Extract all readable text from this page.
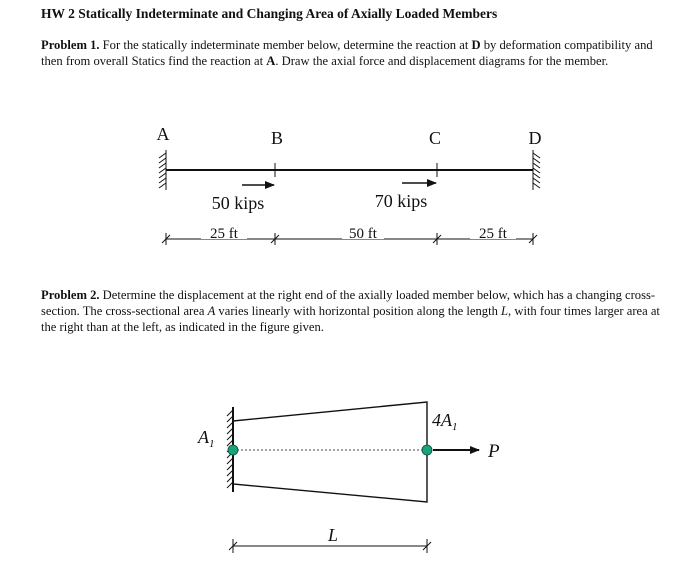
HW 2 Statically Indeterminate and Changing Area of Axially Loaded Members
Problem 1. For the statically indeterminate member below, determine the reaction at D by deformation compatibility and then from overall Statics find the reaction at A. Draw the axial force and displacement diagrams for the member.
Problem 2. Determine the displacement at the right end of the axially loaded member below, which has a changing cross-section. The cross-sectional area A varies linearly with horizontal position along the length L, with four times larger area at the right than at the left, as indicated in the figure given.
A	B	C	D
50 kips	70 kips
25 ft	50 ft	25 ft
$A_1$
$4A_1$
P
L
